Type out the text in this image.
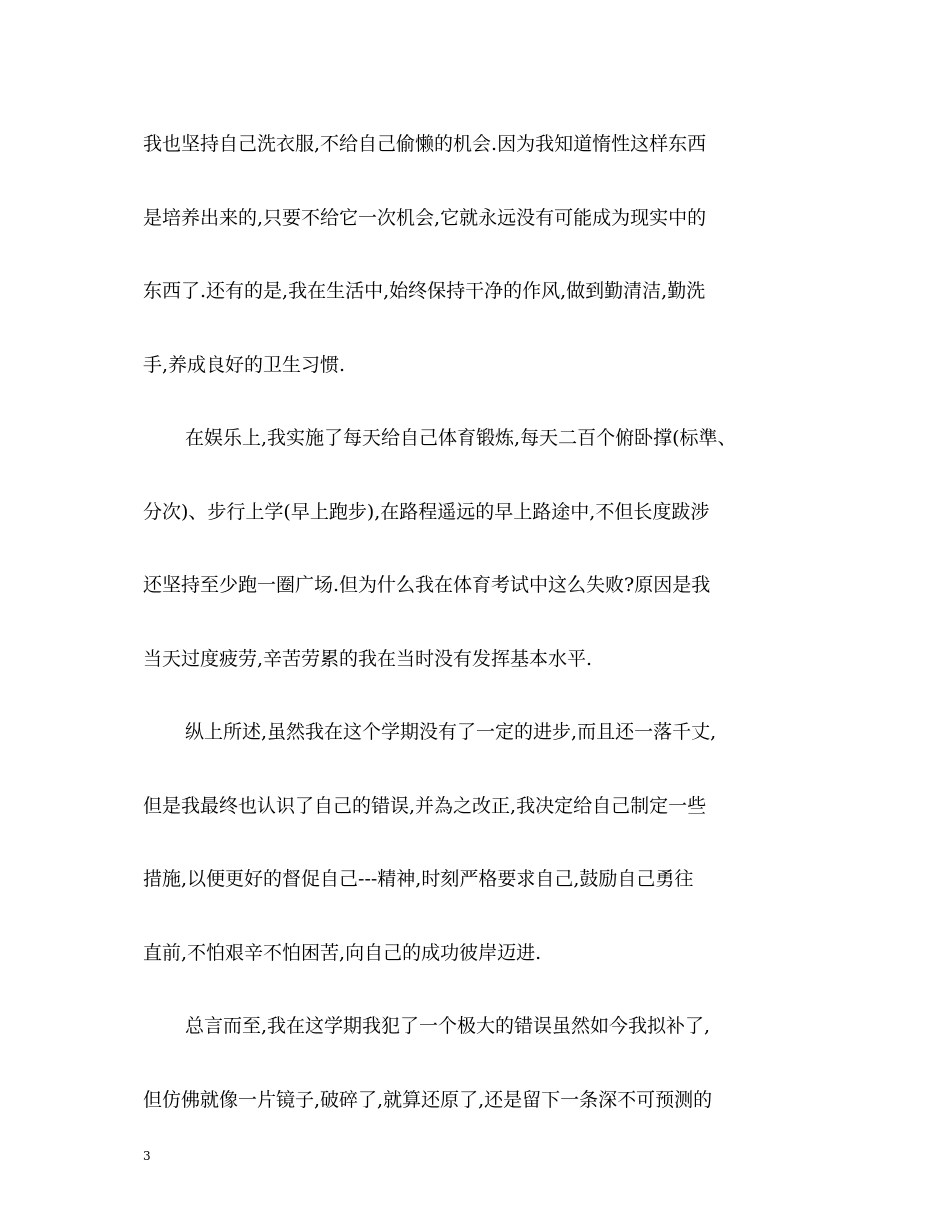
我也坚持自己洗衣服,不给自己偷懒的机会.因为我知道惰性这样东西
是培养出来的,只要不给它一次机会,它就永远没有可能成为现实中的
东西了.还有的是,我在生活中,始终保持干净的作风,做到勤清洁,勤洗
手,养成良好的卫生习惯.
在娱乐上,我实施了每天给自己体育锻炼,每天二百个俯卧撑(标準、
分次)、步行上学(早上跑步),在路程遥远的早上路途中,不但长度跋涉
还坚持至少跑一圈广场.但为什么我在体育考试中这么失败?原因是我
当天过度疲劳,辛苦劳累的我在当时没有发挥基本水平.
纵上所述,虽然我在这个学期没有了一定的进步,而且还一落千丈,
但是我最终也认识了自己的错误,并為之改正,我决定给自己制定一些
措施,以便更好的督促自己---精神,时刻严格要求自己,鼓励自己勇往
直前,不怕艰辛不怕困苦,向自己的成功彼岸迈进.
总言而至,我在这学期我犯了一个极大的错误虽然如今我拟补了,
但仿佛就像一片镜子,破碎了,就算还原了,还是留下一条深不可预测的
3
